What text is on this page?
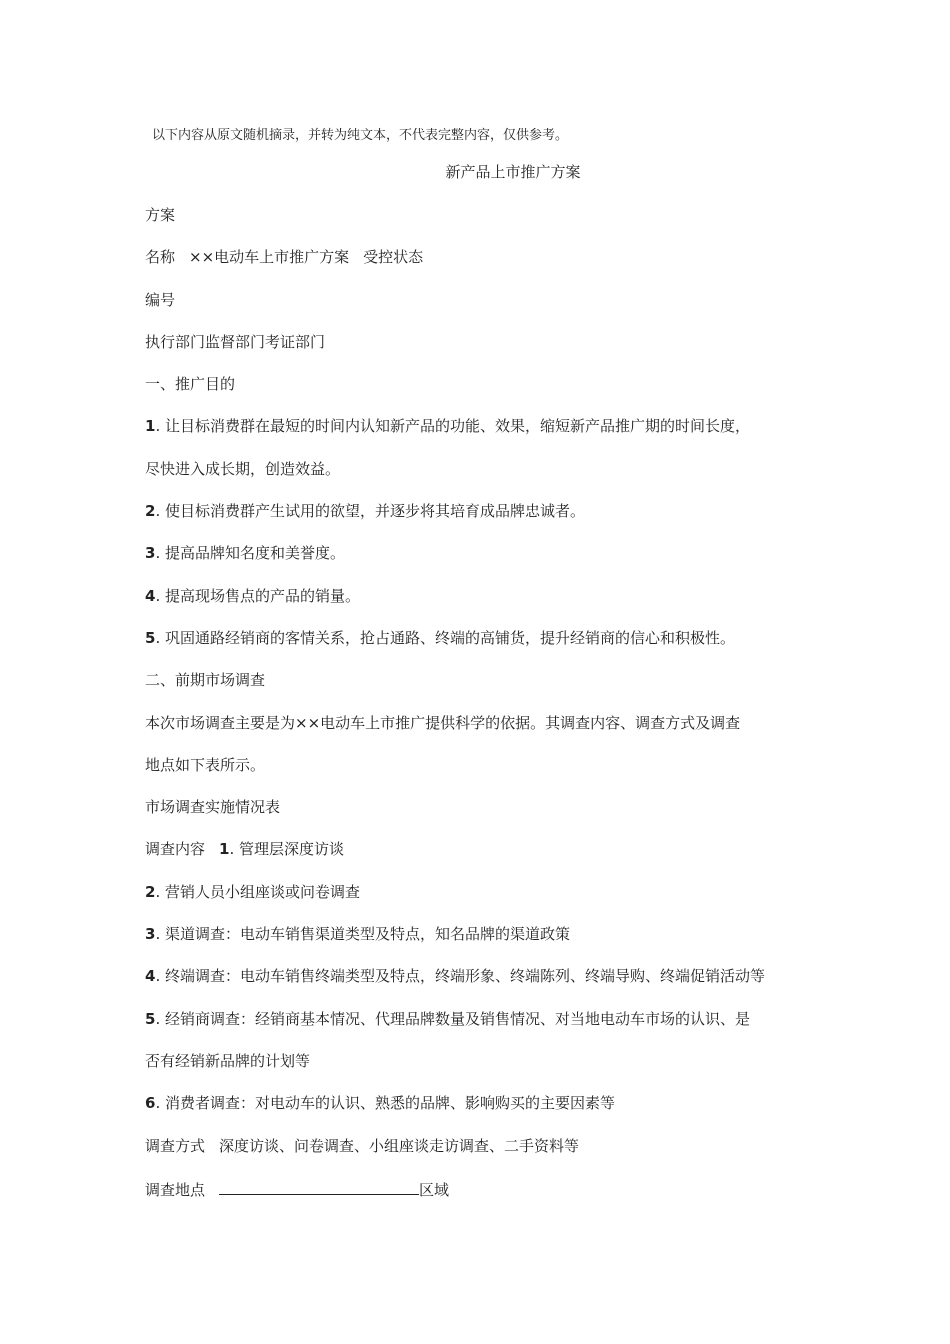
以下内容从原文随机摘录，并转为纯文本，不代表完整内容，仅供参考。
新产品上市推广方案
方案
名称 ××电动车上市推广方案 受控状态
编号
执行部门监督部门考证部门
一、推广目的
1. 让目标消费群在最短的时间内认知新产品的功能、效果，缩短新产品推广期的时间长度，
尽快进入成长期，创造效益。
2. 使目标消费群产生试用的欲望，并逐步将其培育成品牌忠诚者。
3. 提高品牌知名度和美誉度。
4. 提高现场售点的产品的销量。
5. 巩固通路经销商的客情关系，抢占通路、终端的高铺货，提升经销商的信心和积极性。
二、前期市场调查
本次市场调查主要是为××电动车上市推广提供科学的依据。其调查内容、调查方式及调查
地点如下表所示。
市场调查实施情况表
调查内容 1. 管理层深度访谈
2. 营销人员小组座谈或问卷调查
3. 渠道调查：电动车销售渠道类型及特点，知名品牌的渠道政策
4. 终端调查：电动车销售终端类型及特点，终端形象、终端陈列、终端导购、终端促销活动等
5. 经销商调查：经销商基本情况、代理品牌数量及销售情况、对当地电动车市场的认识、是
否有经销新品牌的计划等
6. 消费者调查：对电动车的认识、熟悉的品牌、影响购买的主要因素等
调查方式 深度访谈、问卷调查、小组座谈走访调查、二手资料等
调查地点	区域
